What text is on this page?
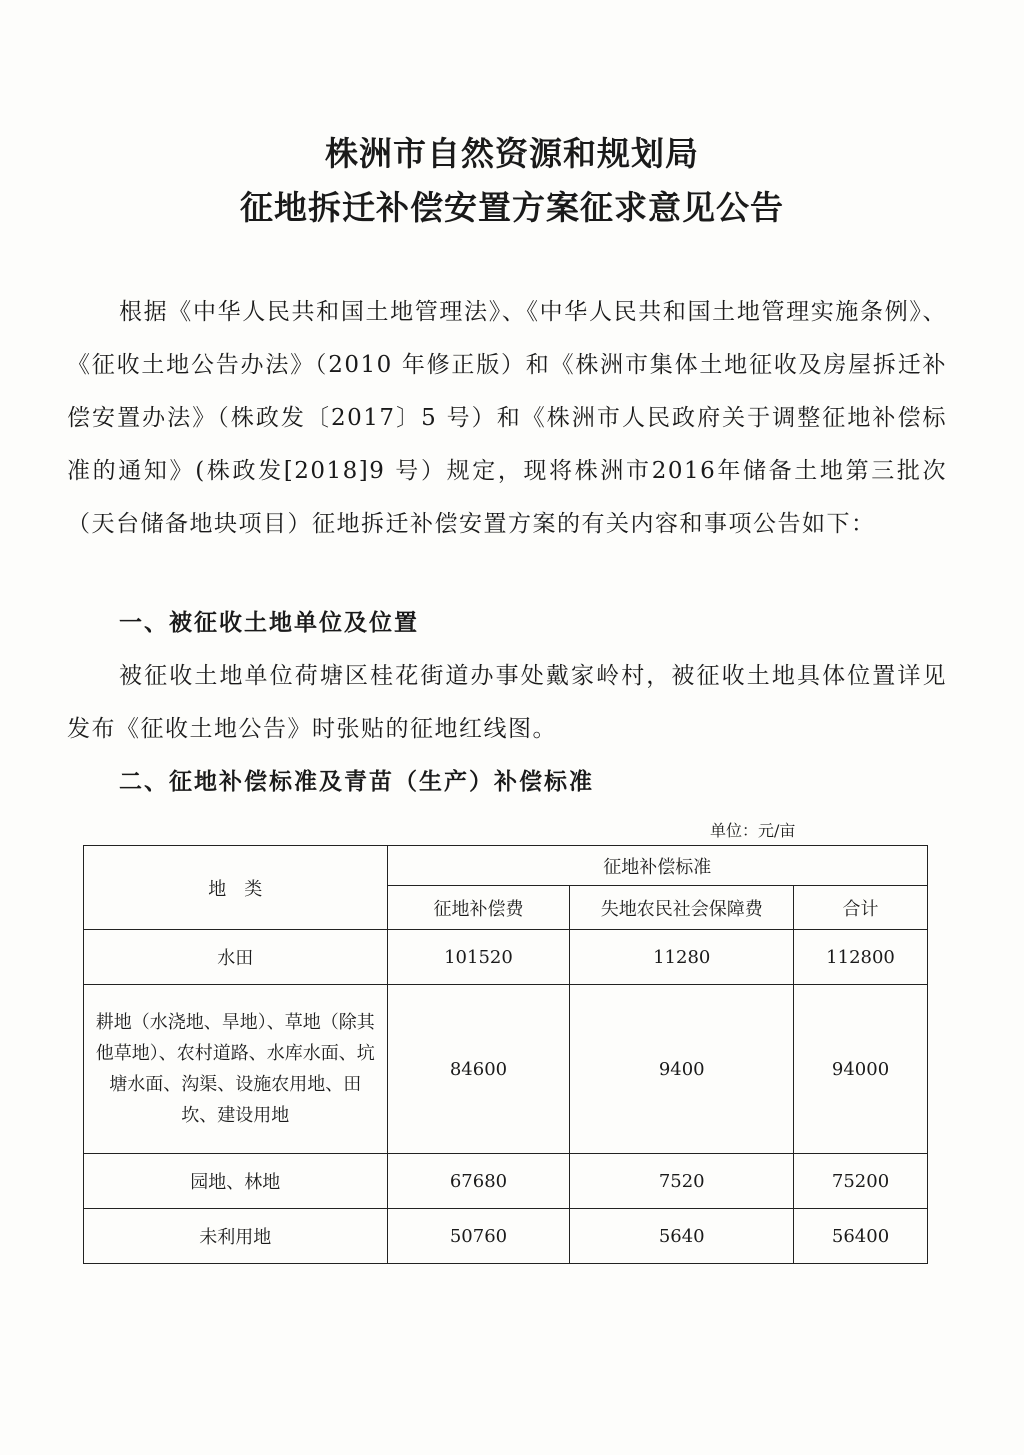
株洲市自然资源和规划局
征地拆迁补偿安置方案征求意见公告

根据《中华人民共和国土地管理法》、《中华人民共和国土地管理实施条例》、《征收土地公告办法》（2010 年修正版）和《株洲市集体土地征收及房屋拆迁补偿安置办法》（株政发〔2017〕5 号）和《株洲市人民政府关于调整征地补偿标准的通知》(株政发[2018]9 号）规定，现将株洲市2016年储备土地第三批次（天台储备地块项目）征地拆迁补偿安置方案的有关内容和事项公告如下：

一、被征收土地单位及位置

被征收土地单位荷塘区桂花街道办事处戴家岭村，被征收土地具体位置详见发布《征收土地公告》时张贴的征地红线图。

二、征地补偿标准及青苗（生产）补偿标准
单位：元/亩
地　类	征地补偿标准		
	征地补偿费	失地农民社会保障费	合计
水田	101520	11280	112800
耕地（水浇地、旱地）、草地（除其他草地）、农村道路、水库水面、坑塘水面、沟渠、设施农用地、田坎、建设用地	84600	9400	94000
园地、林地	67680	7520	75200
未利用地	50760	5640	56400
